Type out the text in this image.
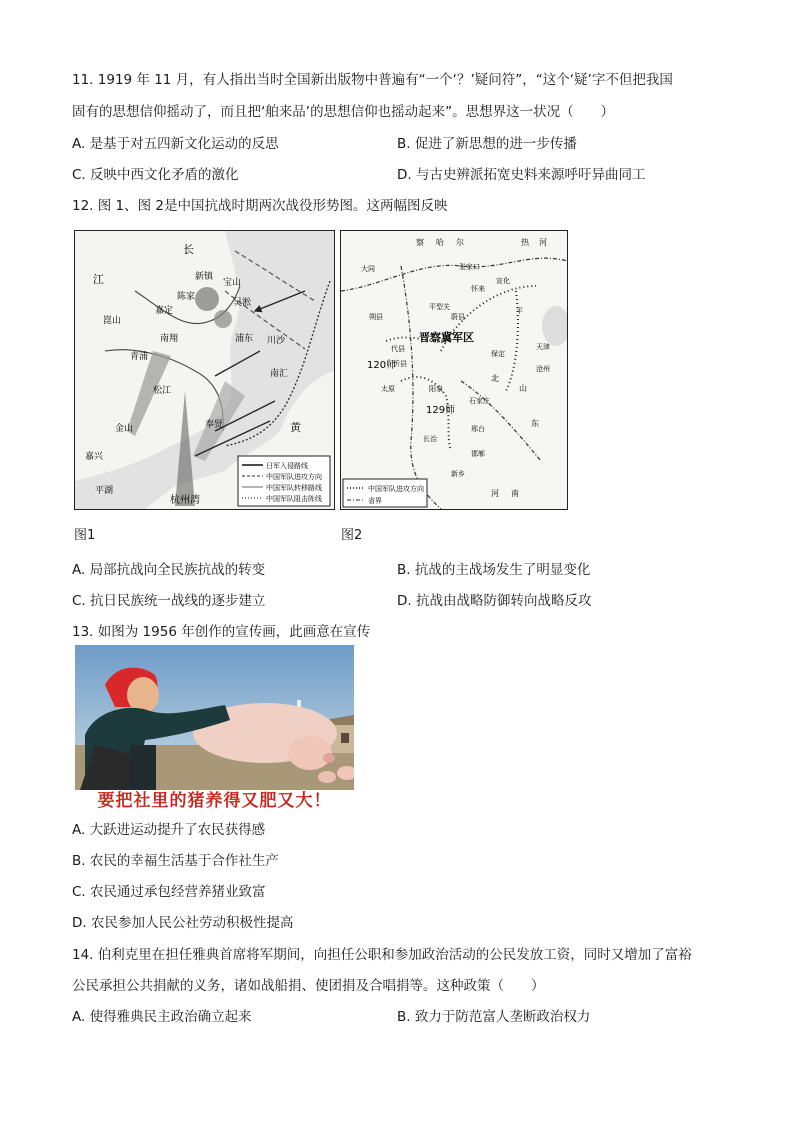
11. 1919 年 11 月，有人指出当时全国新出版物中普遍有“一个‘？’疑问符”，“这个‘疑’字不但把我国
固有的思想信仰摇动了，而且把‘舶来品’的思想信仰也摇动起来”。思想界这一状况（　　）
A. 是基于对五四新文化运动的反思	B. 促进了新思想的进一步传播
C. 反映中西文化矛盾的激化	D. 与古史辨派拓宽史料来源呼吁异曲同工
12. 图 1、图 2是中国抗战时期两次战役形势图。这两幅图反映
长
江
嘉定
南翔
新镇
陈家
宝山
吴淞
浦东 川沙
南汇
松江
奉贤
金山
平湖
嘉兴
杭州湾
青浦
崑山
黄
日军入侵路线
中国军队进攻方向
中国军队转移路线
中国军队阻击阵线
察 哈 尔	热 河
张家口
宣化
怀来
平型关
蔚县
大同
朔县
代县
忻县
太原	阳泉
晋察冀军区
120师
129师
保定
石家庄
邢台
邯郸
长治
新乡
山
东
河 南
北
平
天津
沧州
中国军队进攻方向
省界
图1	图2
A. 局部抗战向全民族抗战的转变	B. 抗战的主战场发生了明显变化
C. 抗日民族统一战线的逐步建立	D. 抗战由战略防御转向战略反攻
13. 如图为 1956 年创作的宣传画，此画意在宣传
要把社里的猪养得又肥又大！
A. 大跃进运动提升了农民获得感
B. 农民的幸福生活基于合作社生产
C. 农民通过承包经营养猪业致富
D. 农民参加人民公社劳动积极性提高
14. 伯利克里在担任雅典首席将军期间，向担任公职和参加政治活动的公民发放工资，同时又增加了富裕
公民承担公共捐献的义务，诸如战船捐、使团捐及合唱捐等。这种政策（　　）
A. 使得雅典民主政治确立起来	B. 致力于防范富人垄断政治权力
